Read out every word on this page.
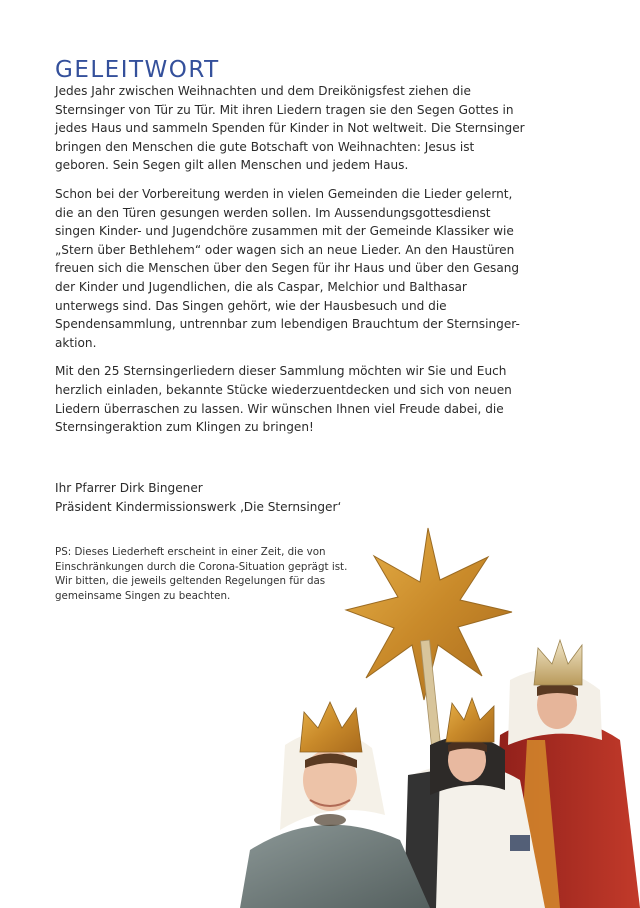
GELEITWORT

Jedes Jahr zwischen Weihnachten und dem Dreikönigsfest ziehen die Sternsinger von Tür zu Tür. Mit ihren Liedern tragen sie den Segen Gottes in jedes Haus und sammeln Spenden für Kinder in Not weltweit. Die Sternsinger bringen den Menschen die gute Botschaft von Weihnachten: Jesus ist geboren. Sein Segen gilt allen Menschen und jedem Haus.

Schon bei der Vorbereitung werden in vielen Gemeinden die Lieder gelernt, die an den Türen gesungen werden sollen. Im Aussendungsgottesdienst singen Kinder- und Jugendchöre zusammen mit der Gemeinde Klassiker wie „Stern über Bethlehem“ oder wagen sich an neue Lieder. An den Haustüren freuen sich die Menschen über den Segen für ihr Haus und über den Gesang der Kinder und Jugendlichen, die als Caspar, Melchior und Balthasar unterwegs sind. Das Singen gehört, wie der Hausbesuch und die Spendensammlung, untrennbar zum lebendigen Brauchtum der Sternsinger-aktion.

Mit den 25 Sternsingerliedern dieser Sammlung möchten wir Sie und Euch herzlich einladen, bekannte Stücke wiederzuentdecken und sich von neuen Liedern überraschen zu lassen. Wir wünschen Ihnen viel Freude dabei, die Sternsingeraktion zum Klingen zu bringen!

Ihr Pfarrer Dirk Bingener
Präsident Kindermissionswerk ‚Die Sternsinger‘
PS: Dieses Liederheft erscheint in einer Zeit, die von Einschränkungen durch die Corona-Situation geprägt ist. Wir bitten, die jeweils geltenden Regelungen für das gemeinsame Singen zu beachten.
